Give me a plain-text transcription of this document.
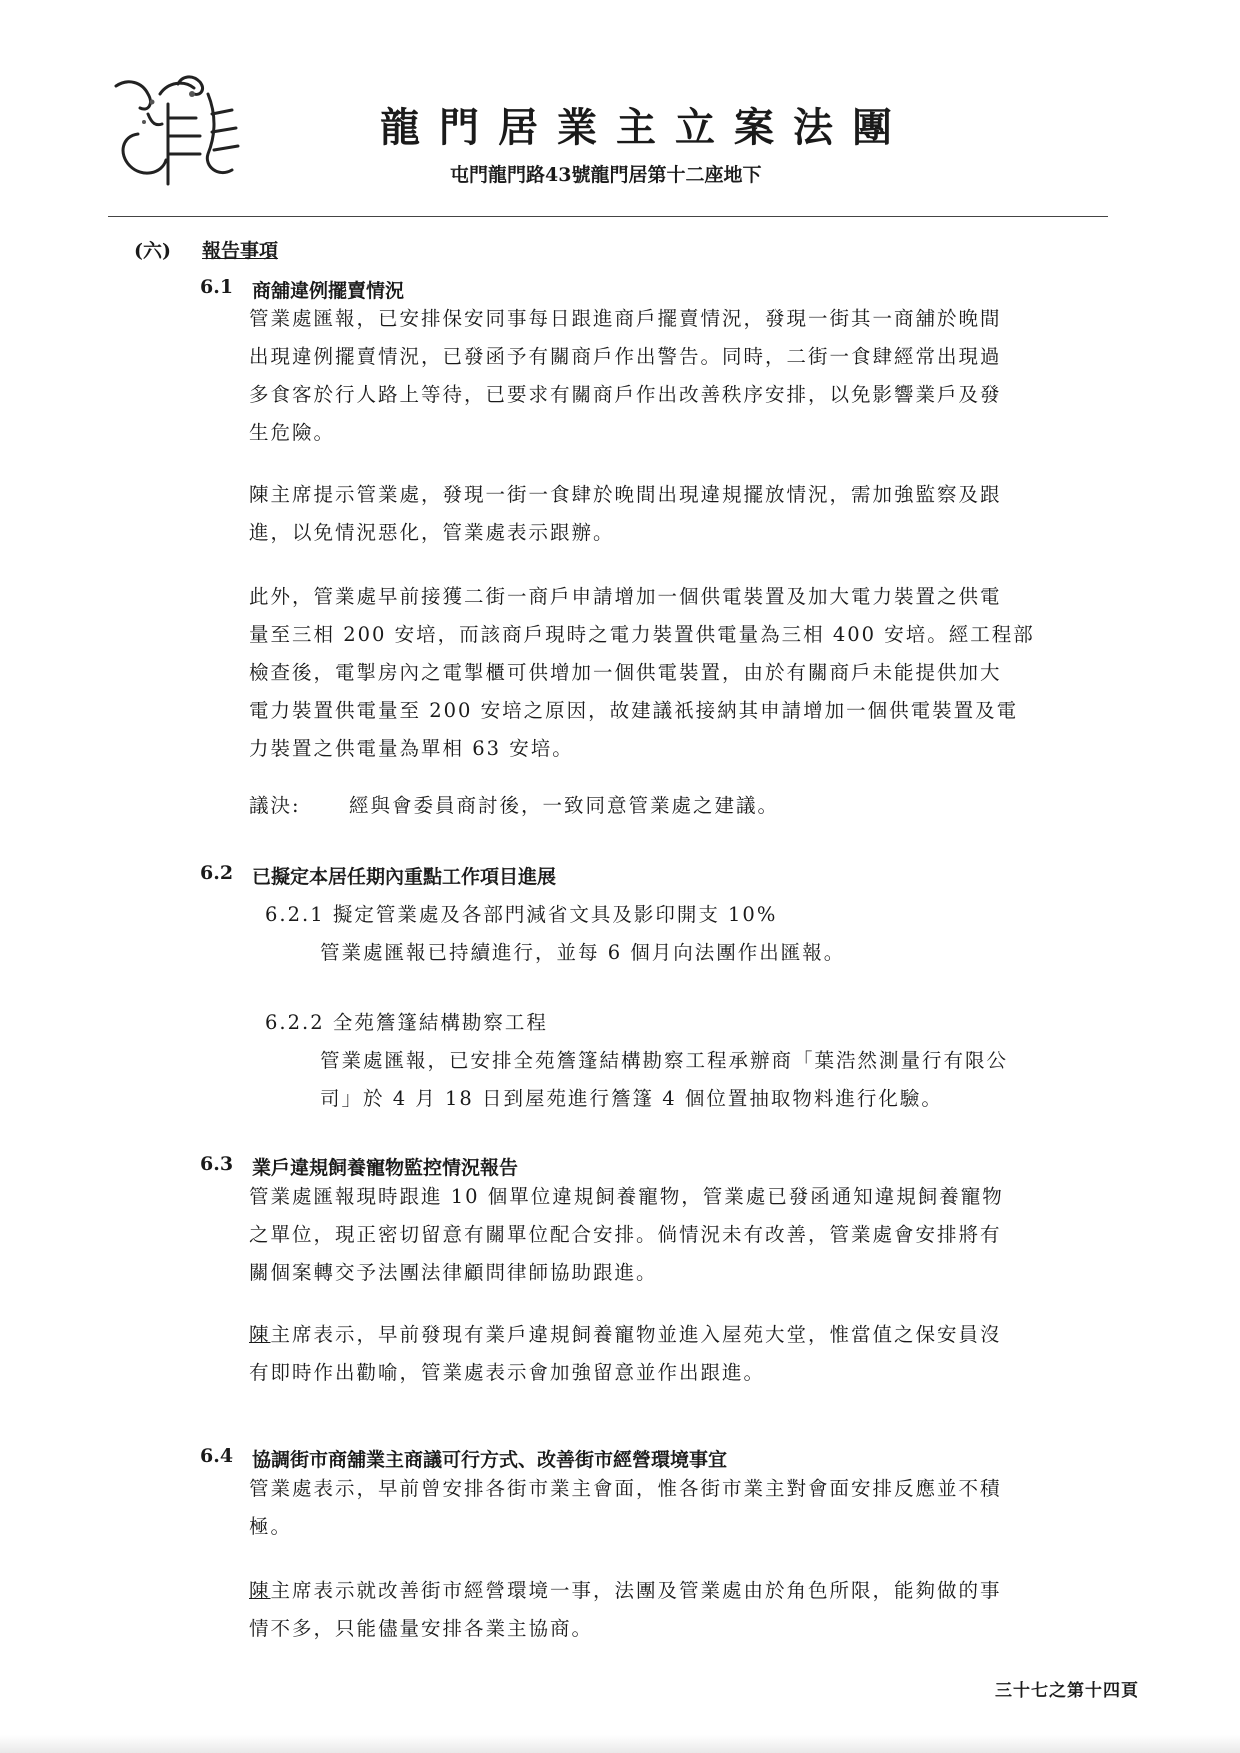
龍門居業主立案法團
屯門龍門路43號龍門居第十二座地下
(六) 報告事項
6.1 商舖違例擺賣情況
管業處匯報，已安排保安同事每日跟進商戶擺賣情況，發現一街其一商舖於晚間
出現違例擺賣情況，已發函予有關商戶作出警告。同時，二街一食肆經常出現過
多食客於行人路上等待，已要求有關商戶作出改善秩序安排，以免影響業戶及發
生危險。
陳主席提示管業處，發現一街一食肆於晚間出現違規擺放情況，需加強監察及跟
進，以免情況惡化，管業處表示跟辦。
此外，管業處早前接獲二街一商戶申請增加一個供電裝置及加大電力裝置之供電
量至三相 200 安培，而該商戶現時之電力裝置供電量為三相 400 安培。經工程部
檢查後，電掣房內之電掣櫃可供增加一個供電裝置，由於有關商戶未能提供加大
電力裝置供電量至 200 安培之原因，故建議祇接納其申請增加一個供電裝置及電
力裝置之供電量為單相 63 安培。
議決: 經與會委員商討後，一致同意管業處之建議。
6.2 已擬定本居任期內重點工作項目進展
6.2.1 擬定管業處及各部門減省文具及影印開支 10%
管業處匯報已持續進行，並每 6 個月向法團作出匯報。
6.2.2 全苑簷篷結構勘察工程
管業處匯報，已安排全苑簷篷結構勘察工程承辦商「葉浩然測量行有限公
司」於 4 月 18 日到屋苑進行簷篷 4 個位置抽取物料進行化驗。
6.3 業戶違規飼養寵物監控情況報告
管業處匯報現時跟進 10 個單位違規飼養寵物，管業處已發函通知違規飼養寵物
之單位，現正密切留意有關單位配合安排。倘情況未有改善，管業處會安排將有
關個案轉交予法團法律顧問律師協助跟進。
陳主席表示，早前發現有業戶違規飼養寵物並進入屋苑大堂，惟當值之保安員沒
有即時作出勸喻，管業處表示會加強留意並作出跟進。
6.4 協調街市商舖業主商議可行方式、改善街市經營環境事宜
管業處表示，早前曾安排各街市業主會面，惟各街市業主對會面安排反應並不積
極。
陳主席表示就改善街市經營環境一事，法團及管業處由於角色所限，能夠做的事
情不多，只能儘量安排各業主協商。
三十七之第十四頁
